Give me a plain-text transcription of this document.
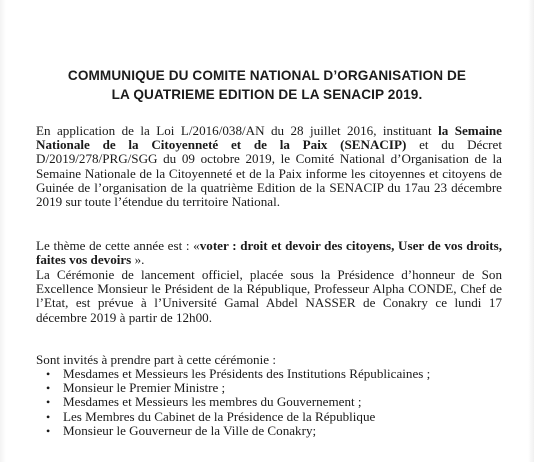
COMMUNIQUE DU COMITE NATIONAL D’ORGANISATION DE
LA QUATRIEME EDITION DE LA SENACIP 2019.
En application de la Loi L/2016/038/AN du 28 juillet 2016, instituant la Semaine Nationale de la Citoyenneté et de la Paix (SENACIP) et du Décret D/2019/278/PRG/SGG du 09 octobre 2019, le Comité National d’Organisation de la Semaine Nationale de la Citoyenneté et de la Paix informe les citoyennes et citoyens de Guinée de l’organisation de la quatrième Edition de la SENACIP du 17au 23 décembre 2019 sur toute l’étendue du territoire National.
Le thème de cette année est : «voter : droit et devoir des citoyens, User de vos droits, faites vos devoirs ».
La Cérémonie de lancement officiel, placée sous la Présidence d’honneur de Son Excellence Monsieur le Président de la République, Professeur Alpha CONDE, Chef de l’Etat, est prévue à l’Université Gamal Abdel NASSER de Conakry ce lundi 17 décembre 2019 à partir de 12h00.
Sont invités à prendre part à cette cérémonie :
• Mesdames et Messieurs les Présidents des Institutions Républicaines ;
• Monsieur le Premier Ministre ;
• Mesdames et Messieurs les membres du Gouvernement ;
• Les Membres du Cabinet de la Présidence de la République
• Monsieur le Gouverneur de la Ville de Conakry;
